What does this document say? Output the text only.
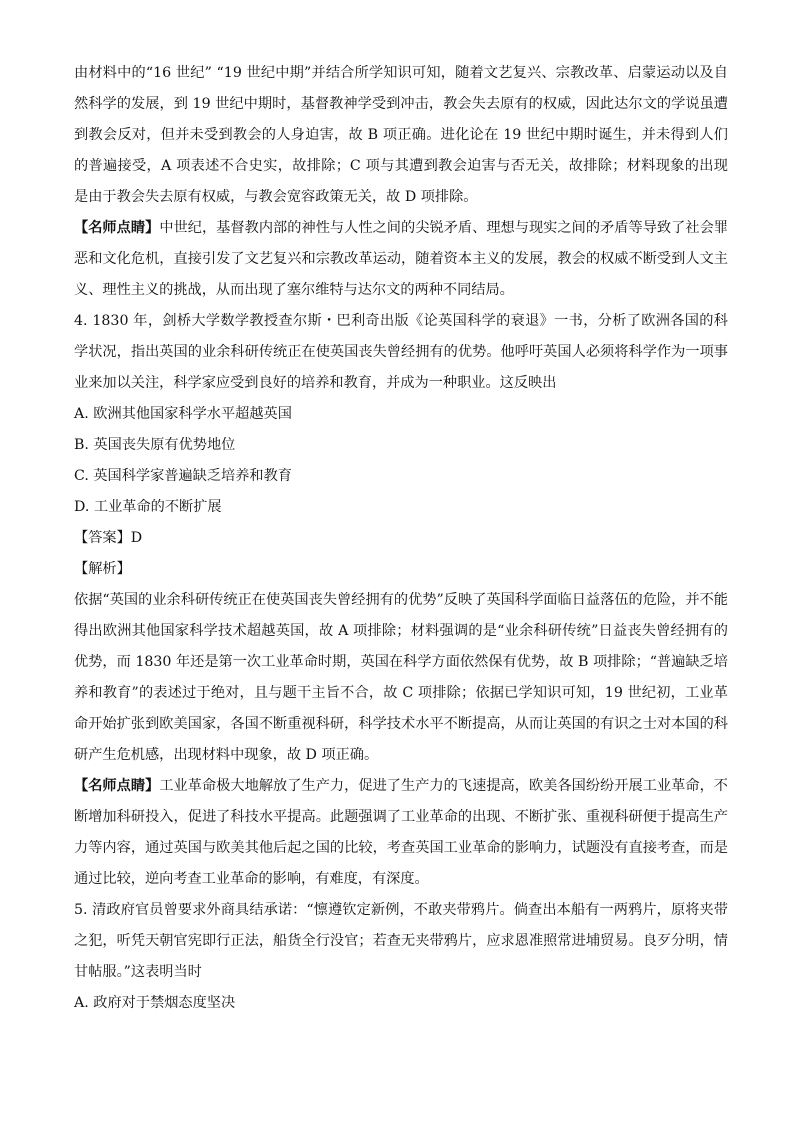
由材料中的“16 世纪” “19 世纪中期”并结合所学知识可知，随着文艺复兴、宗教改革、启蒙运动以及自然科学的发展，到 19 世纪中期时，基督教神学受到冲击，教会失去原有的权威，因此达尔文的学说虽遭到教会反对，但并未受到教会的人身迫害，故 B 项正确。进化论在 19 世纪中期时诞生，并未得到人们的普遍接受，A 项表述不合史实，故排除；C 项与其遭到教会迫害与否无关，故排除；材料现象的出现是由于教会失去原有权威，与教会宽容政策无关，故 D 项排除。

【名师点睛】中世纪，基督教内部的神性与人性之间的尖锐矛盾、理想与现实之间的矛盾等导致了社会罪恶和文化危机，直接引发了文艺复兴和宗教改革运动，随着资本主义的发展，教会的权威不断受到人文主义、理性主义的挑战，从而出现了塞尔维特与达尔文的两种不同结局。

4. 1830 年，剑桥大学数学教授查尔斯・巴利奇出版《论英国科学的衰退》一书，分析了欧洲各国的科学状况，指出英国的业余科研传统正在使英国丧失曾经拥有的优势。他呼吁英国人必须将科学作为一项事业来加以关注，科学家应受到良好的培养和教育，并成为一种职业。这反映出

A. 欧洲其他国家科学水平超越英国

B. 英国丧失原有优势地位

C. 英国科学家普遍缺乏培养和教育

D. 工业革命的不断扩展

【答案】D

【解析】

依据“英国的业余科研传统正在使英国丧失曾经拥有的优势”反映了英国科学面临日益落伍的危险，并不能得出欧洲其他国家科学技术超越英国，故 A 项排除；材料强调的是“业余科研传统”日益丧失曾经拥有的优势，而 1830 年还是第一次工业革命时期，英国在科学方面依然保有优势，故 B 项排除；“普遍缺乏培养和教育”的表述过于绝对，且与题干主旨不合，故 C 项排除；依据已学知识可知，19 世纪初，工业革命开始扩张到欧美国家，各国不断重视科研，科学技术水平不断提高，从而让英国的有识之士对本国的科研产生危机感，出现材料中现象，故 D 项正确。

【名师点睛】工业革命极大地解放了生产力，促进了生产力的飞速提高，欧美各国纷纷开展工业革命，不断增加科研投入，促进了科技水平提高。此题强调了工业革命的出现、不断扩张、重视科研便于提高生产力等内容，通过英国与欧美其他后起之国的比较，考查英国工业革命的影响力，试题没有直接考查，而是通过比较，逆向考查工业革命的影响，有难度，有深度。

5. 清政府官员曾要求外商具结承诺：“懔遵钦定新例，不敢夹带鸦片。倘查出本船有一两鸦片，原将夹带之犯，听凭天朝官宪即行正法，船货全行没官；若查无夹带鸦片，应求恩准照常进埔贸易。良歹分明，情甘帖服。”这表明当时

A. 政府对于禁烟态度坚决
